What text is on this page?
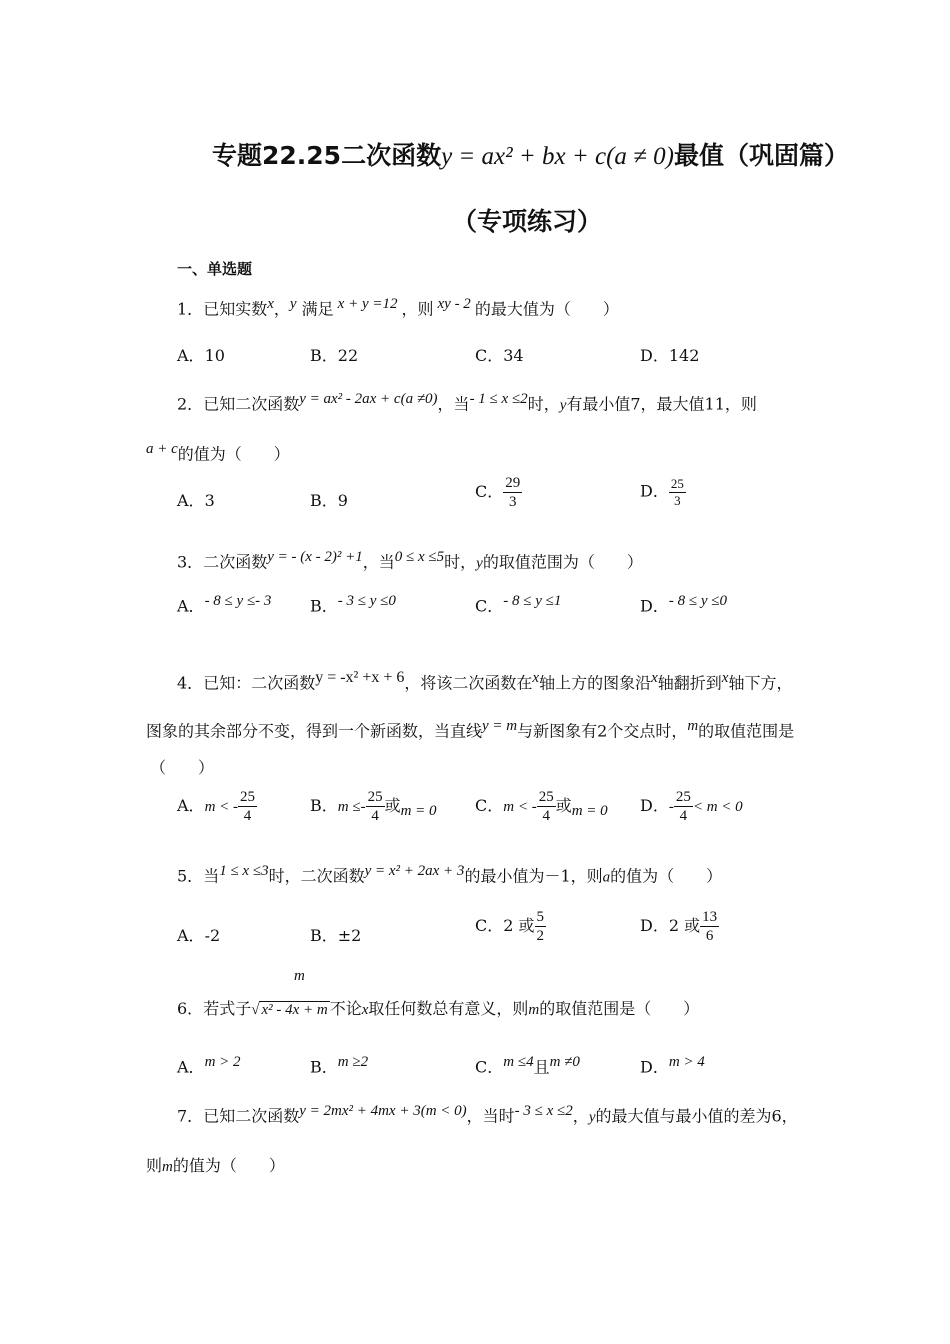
专题22.25二次函数y = ax² + bx + c(a ≠ 0)最值（巩固篇）
（专项练习）
一、单选题
1．已知实数$^x$，$^y$ 满足 $^{x + y =12}$ ，则 $^{xy - 2}$ 的最大值为（　　）
A．10	B．22	C．34	D．142
2．已知二次函数$^{y = ax^2 - 2ax + c(a \ne 0)}$，当$^{- 1 \le x \le 2}$时，y有最小值7，最大值11，则
$^{a + c}$的值为（　　）
A．3	B．9	C． $\frac{29}{3}$	D． $\frac{25}{3}$
3．二次函数$^{y = - (x - 2)^2 +1}$，当$^{0 \le x \le 5}$时，y的取值范围为（　　）
A．$^{- 8 \le y \le- 3}$ B．$^{- 3 \le y \le 0}$	C．$^{- 8 \le y \le 1}$	D．$^{- 8 \le y \le 0}$
4．已知：二次函数$^{y = -x^2 +x + 6}$，将该二次函数在$^x$轴上方的图象沿$^x$轴翻折到$^x$轴下方，
图象的其余部分不变，得到一个新函数，当直线$^{y = m}$与新图象有2个交点时，$^m$的取值范围是
（　　）
A．m < - $\frac{25}{4}$	B．$m \le- \frac{25}{4}$ 或$_{m = 0}$ C．m < - $\frac{25}{4}$ 或$_{m = 0}$ D．- $\frac{25}{4} < m < 0$
5．当$^{1 \le x \le 3}$时，二次函数$^{y = x^2 + 2ax + 3}$的最小值为－1，则a的值为（　　）
A．-2	B．±2
C．2 或 $\frac{5}{2}$	D．2 或 $\frac{13}{6}$
m
6．若式子√ x² - 4x + m 不论x取任何数总有意义，则m的取值范围是（　　）
A．$^{m > 2}$	B．$^{m \ge 2}$	C．$^{m \le 4}$且$^{m \ne 0}$	D．$^{m > 4}$
7．已知二次函数$^{y = 2mx^2 + 4mx + 3(m < 0)}$，当时$^{- 3 \le x \le 2}$，y的最大值与最小值的差为6，
则m的值为（　　）
